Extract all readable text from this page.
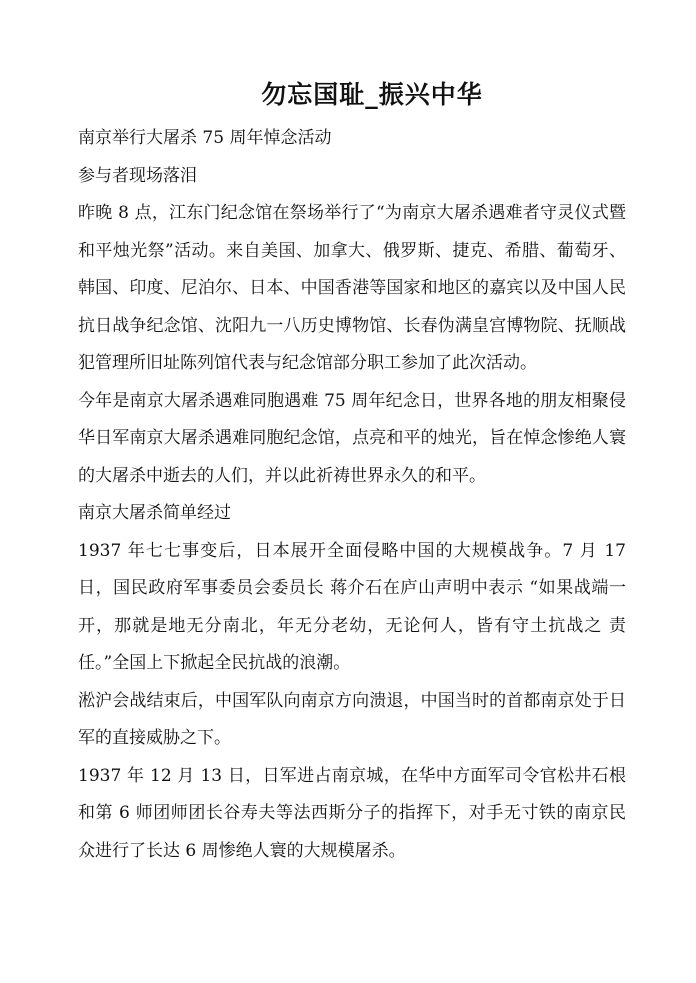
勿忘国耻_振兴中华

南京举行大屠杀 75 周年悼念活动

参与者现场落泪

昨晚 8 点，江东门纪念馆在祭场举行了“为南京大屠杀遇难者守灵仪式暨和平烛光祭”活动。来自美国、加拿大、俄罗斯、捷克、希腊、葡萄牙、韩国、印度、尼泊尔、日本、中国香港等国家和地区的嘉宾以及中国人民抗日战争纪念馆、沈阳九一八历史博物馆、长春伪满皇宫博物院、抚顺战犯管理所旧址陈列馆代表与纪念馆部分职工参加了此次活动。

今年是南京大屠杀遇难同胞遇难 75 周年纪念日，世界各地的朋友相聚侵华日军南京大屠杀遇难同胞纪念馆，点亮和平的烛光，旨在悼念惨绝人寰的大屠杀中逝去的人们，并以此祈祷世界永久的和平。

南京大屠杀简单经过

1937 年七七事变后，日本展开全面侵略中国的大规模战争。7 月 17 日，国民政府军事委员会委员长 蒋介石在庐山声明中表示 “如果战端一开，那就是地无分南北，年无分老幼，无论何人，皆有守土抗战之 责任。”全国上下掀起全民抗战的浪潮。

淞沪会战结束后，中国军队向南京方向溃退，中国当时的首都南京处于日军的直接威胁之下。

1937 年 12 月 13 日，日军进占南京城，在华中方面军司令官松井石根和第 6 师团师团长谷寿夫等法西斯分子的指挥下，对手无寸铁的南京民众进行了长达 6 周惨绝人寰的大规模屠杀。
